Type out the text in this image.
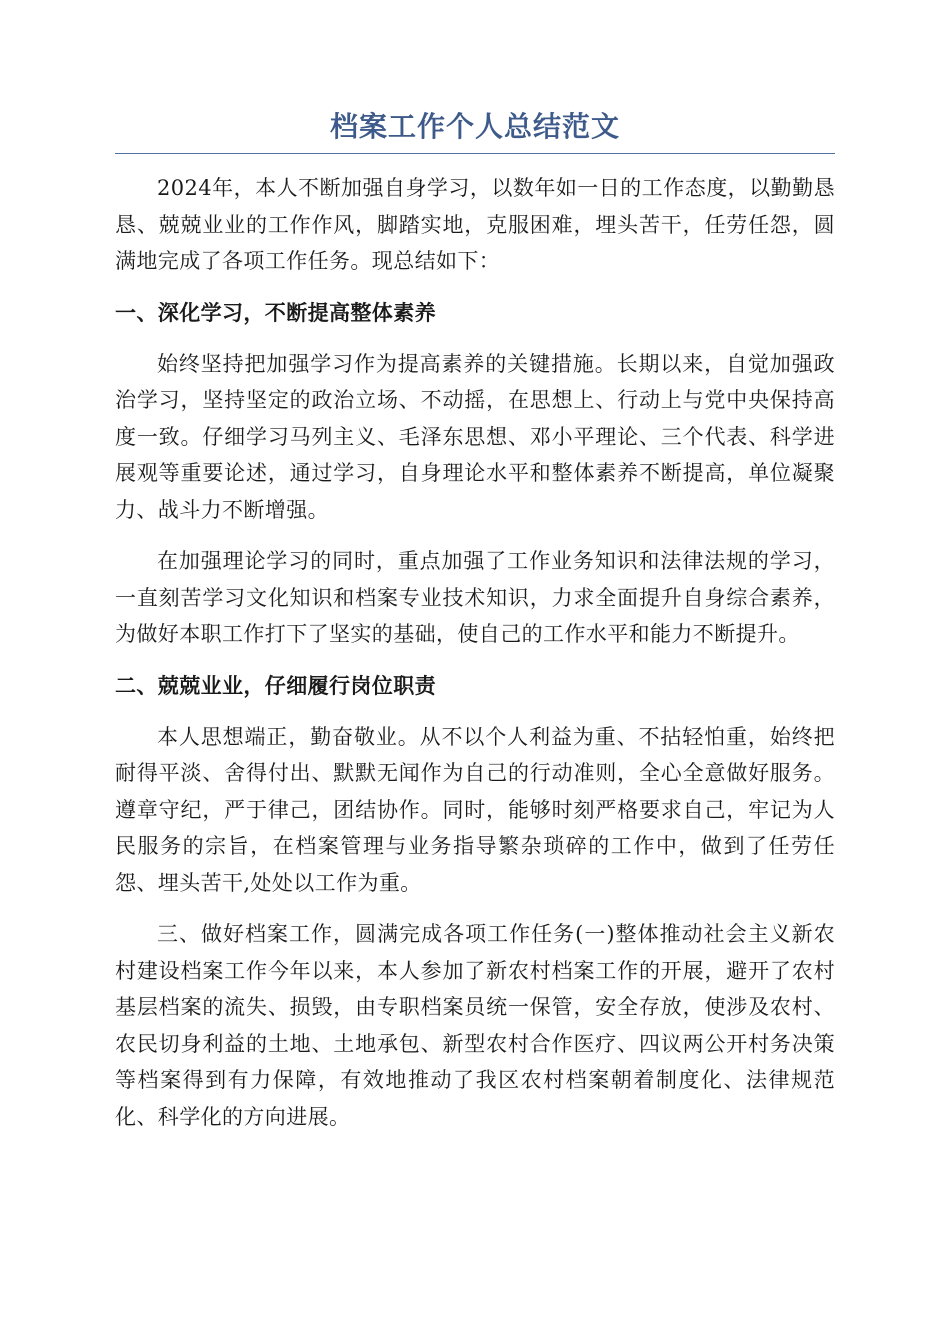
档案工作个人总结范文

2024年，本人不断加强自身学习，以数年如一日的工作态度，以勤勤恳恳、兢兢业业的工作作风，脚踏实地，克服困难，埋头苦干，任劳任怨，圆满地完成了各项工作任务。现总结如下：

一、深化学习，不断提高整体素养

始终坚持把加强学习作为提高素养的关键措施。长期以来，自觉加强政治学习，坚持坚定的政治立场、不动摇，在思想上、行动上与党中央保持高度一致。仔细学习马列主义、毛泽东思想、邓小平理论、三个代表、科学进展观等重要论述，通过学习，自身理论水平和整体素养不断提高，单位凝聚力、战斗力不断增强。

在加强理论学习的同时，重点加强了工作业务知识和法律法规的学习，一直刻苦学习文化知识和档案专业技术知识，力求全面提升自身综合素养，为做好本职工作打下了坚实的基础，使自己的工作水平和能力不断提升。

二、兢兢业业，仔细履行岗位职责

本人思想端正，勤奋敬业。从不以个人利益为重、不拈轻怕重，始终把耐得平淡、舍得付出、默默无闻作为自己的行动准则，全心全意做好服务。遵章守纪，严于律己，团结协作。同时，能够时刻严格要求自己，牢记为人民服务的宗旨，在档案管理与业务指导繁杂琐碎的工作中，做到了任劳任怨、埋头苦干,处处以工作为重。

三、做好档案工作，圆满完成各项工作任务(一)整体推动社会主义新农村建设档案工作今年以来，本人参加了新农村档案工作的开展，避开了农村基层档案的流失、损毁，由专职档案员统一保管，安全存放，使涉及农村、农民切身利益的土地、土地承包、新型农村合作医疗、四议两公开村务决策等档案得到有力保障，有效地推动了我区农村档案朝着制度化、法律规范化、科学化的方向进展。
